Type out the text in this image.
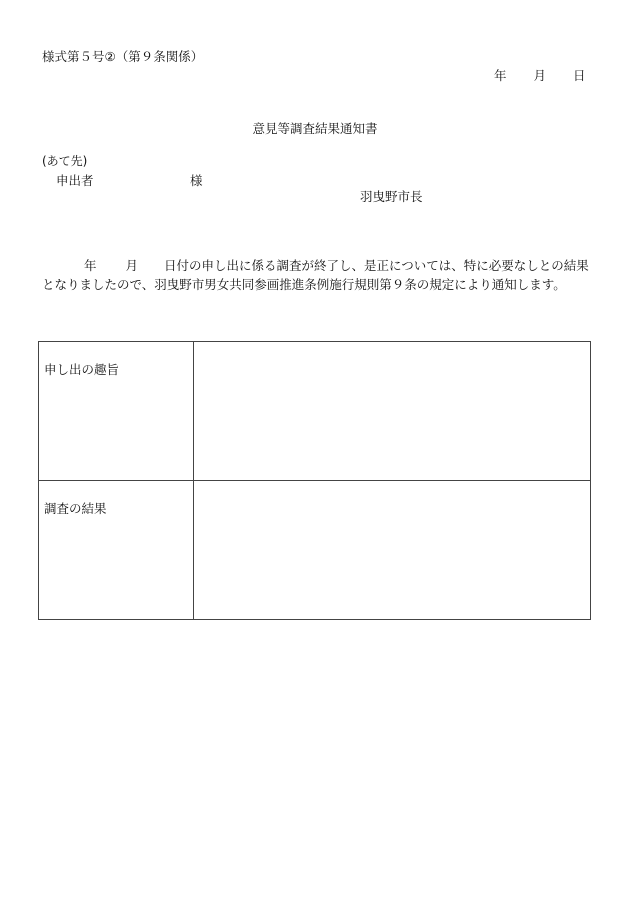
様式第５号②（第９条関係）
年 月 日
意見等調査結果通知書
(あて先)
申出者	様
羽曳野市長
年 月 日付の申し出に係る調査が終了し、是正については、特に必要なしとの結果となりましたので、羽曳野市男女共同参画推進条例施行規則第９条の規定により通知します。
申し出の趣旨	

調査の結果	
